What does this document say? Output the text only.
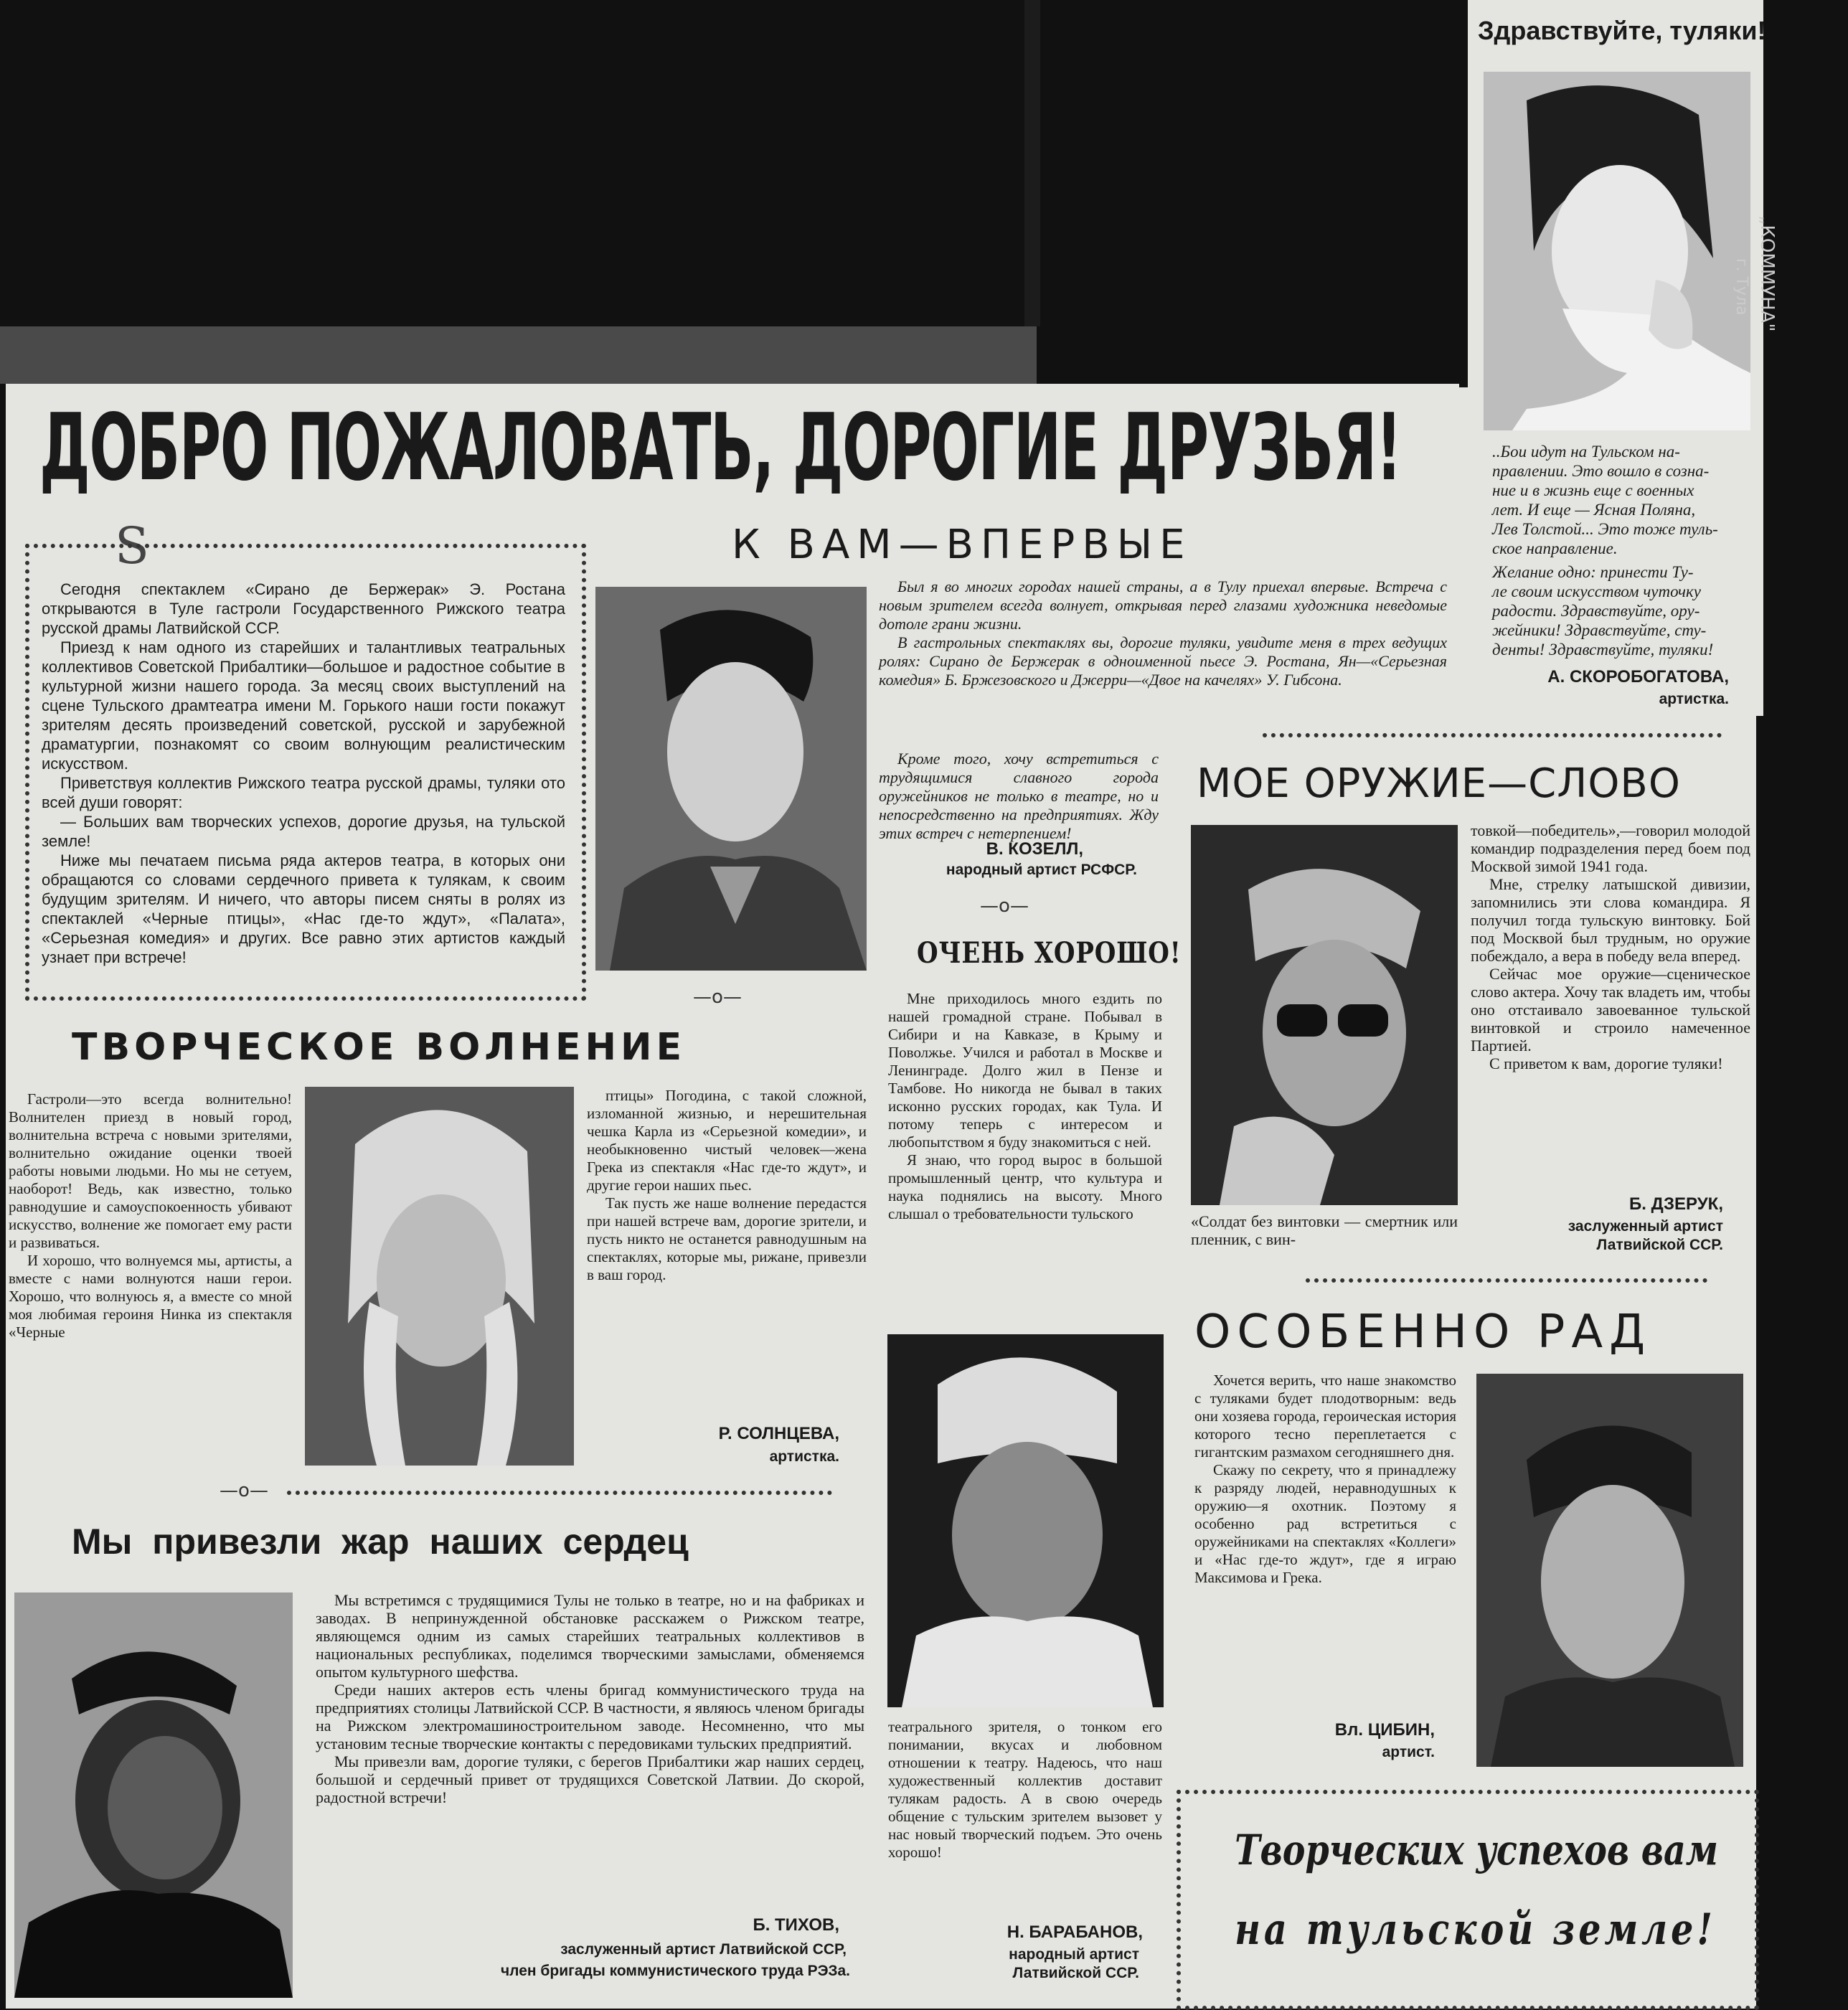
Здравствуйте, туляки!
„КОММУНА"
г. Тула
..Бои идут на Тульском на-
правлении. Это вошло в созна-
ние и в жизнь еще с военных
лет. И еще — Ясная Поляна,
Лев Толстой... Это тоже туль-
ское направление.
Желание одно: принести Ту-
ле своим искусством чуточку
радости. Здравствуйте, ору-
жейники! Здравствуйте, сту-
денты! Здравствуйте, туляки!
А. СКОРОБОГАТОВА,
артистка.
ДОБРО ПОЖАЛОВАТЬ, ДОРОГИЕ ДРУЗЬЯ!
S

Сегодня спектаклем «Сирано де Бержерак» Э. Ростана открываются в Туле гастроли Государственного Рижского театра русской драмы Латвийской ССР.

Приезд к нам одного из старейших и талантливых театральных коллективов Советской Прибалтики—большое и радостное событие в культурной жизни нашего города. За месяц своих выступлений на сцене Тульского драмтеатра имени М. Горького наши гости покажут зрителям десять произведений советской, русской и зарубежной драматургии, познакомят со своим волнующим реалистическим искусством.

Приветствуя коллектив Рижского театра русской драмы, туляки ото всей души говорят:

— Больших вам творческих успехов, дорогие друзья, на тульской земле!

Ниже мы печатаем письма ряда актеров театра, в которых они обращаются со словами сердечного привета к тулякам, к своим будущим зрителям. И ничего, что авторы писем сняты в ролях из спектаклей «Черные птицы», «Нас где-то ждут», «Палата», «Серьезная комедия» и других. Все равно этих артистов каждый узнает при встрече!

К ВАМ—ВПЕРВЫЕ

Был я во многих городах нашей страны, а в Тулу приехал впервые. Встреча с новым зрителем всегда волнует, открывая перед глазами художника неведомые дотоле грани жизни.

В гастрольных спектаклях вы, дорогие туляки, увидите меня в трех ведущих ролях: Сирано де Бержерак в одноименной пьесе Э. Ростана, Ян—«Серьезная комедия» Б. Бржезовского и Джерри—«Двое на качелях» У. Гибсона.

Кроме того, хочу встретиться с трудящимися славного города оружейников не только в театре, но и непосредственно на предприятиях. Жду этих встреч с нетерпением!

В. КОЗЕЛЛ,
народный артист РСФСР.
—o—
—o—
ТВОРЧЕСКОЕ ВОЛНЕНИЕ

Гастроли—это всегда волнительно! Волнителен приезд в новый город, волнительна встреча с новыми зрителями, волнительно ожидание оценки твоей работы новыми людьми. Но мы не сетуем, наоборот! Ведь, как известно, только равнодушие и самоуспокоенность убивают искусство, волнение же помогает ему расти и развиваться.

И хорошо, что волнуемся мы, артисты, а вместе с нами волнуются наши герои. Хорошо, что волнуюсь я, а вместе со мной моя любимая героиня Нинка из спектакля «Черные

птицы» Погодина, с такой сложной, изломанной жизнью, и нерешительная чешка Карла из «Серьезной комедии», и необыкновенно чистый человек—жена Грека из спектакля «Нас где-то ждут», и другие герои наших пьес.

Так пусть же наше волнение передастся при нашей встрече вам, дорогие зрители, и пусть никто не останется равнодушным на спектаклях, которые мы, рижане, привезли в ваш город.

Р. СОЛНЦЕВА,
артистка.
—o—
Мы привезли жар наших сердец

Мы встретимся с трудящимися Тулы не только в театре, но и на фабриках и заводах. В непринужденной обстановке расскажем о Рижском театре, являющемся одним из самых старейших театральных коллективов в национальных республиках, поделимся творческими замыслами, обменяемся опытом культурного шефства.

Среди наших актеров есть члены бригад коммунистического труда на предприятиях столицы Латвийской ССР. В частности, я являюсь членом бригады на Рижском электромашиностроительном заводе. Несомненно, что мы установим тесные творческие контакты с передовиками тульских предприятий.

Мы привезли вам, дорогие туляки, с берегов Прибалтики жар наших сердец, большой и сердечный привет от трудящихся Советской Латвии. До скорой, радостной встречи!

Б. ТИХОВ,
заслуженный артист Латвийской ССР,
член бригады коммунистического труда РЭЗа.
ОЧЕНЬ ХОРОШО!

Мне приходилось много ездить по нашей громадной стране. Побывал в Сибири и на Кавказе, в Крыму и Поволжье. Учился и работал в Москве и Ленинграде. Долго жил в Пензе и Тамбове. Но никогда не бывал в таких исконно русских городах, как Тула. И потому теперь с интересом и любопытством я буду знакомиться с ней.

Я знаю, что город вырос в большой промышленный центр, что культура и наука поднялись на высоту. Много слышал о требовательности тульского

театрального зрителя, о тонком его понимании, вкусах и любовном отношении к театру. Надеюсь, что наш художественный коллектив доставит тулякам радость. А в свою очередь общение с тульским зрителем вызовет у нас новый творческий подъем. Это очень хорошо!

Н. БАРАБАНОВ,
народный артист
Латвийской ССР.
МОЕ ОРУЖИЕ—СЛОВО

товкой—победитель»,—говорил молодой командир подразделения перед боем под Москвой зимой 1941 года.

Мне, стрелку латышской дивизии, запомнились эти слова командира. Я получил тогда тульскую винтовку. Бой под Москвой был трудным, но оружие побеждало, а вера в победу вела вперед.

Сейчас мое оружие—сценическое слово актера. Хочу так владеть им, чтобы оно отстаивало завоеванное тульской винтовкой и строило намеченное Партией.

С приветом к вам, дорогие туляки!

«Солдат без винтовки — смертник или пленник, с вин-
Б. ДЗЕРУК,
заслуженный артист
Латвийской ССР.
ОСОБЕННО РАД

Хочется верить, что наше знакомство с туляками будет плодотворным: ведь они хозяева города, героическая история которого тесно переплетается с гигантским размахом сегодняшнего дня.

Скажу по секрету, что я принадлежу к разряду людей, неравнодушных к оружию—я охотник. Поэтому я особенно рад встретиться с оружейниками на спектаклях «Коллеги» и «Нас где-то ждут», где я играю Максимова и Грека.

Вл. ЦИБИН,
артист.
Творческих успехов вам
на тульской земле!
